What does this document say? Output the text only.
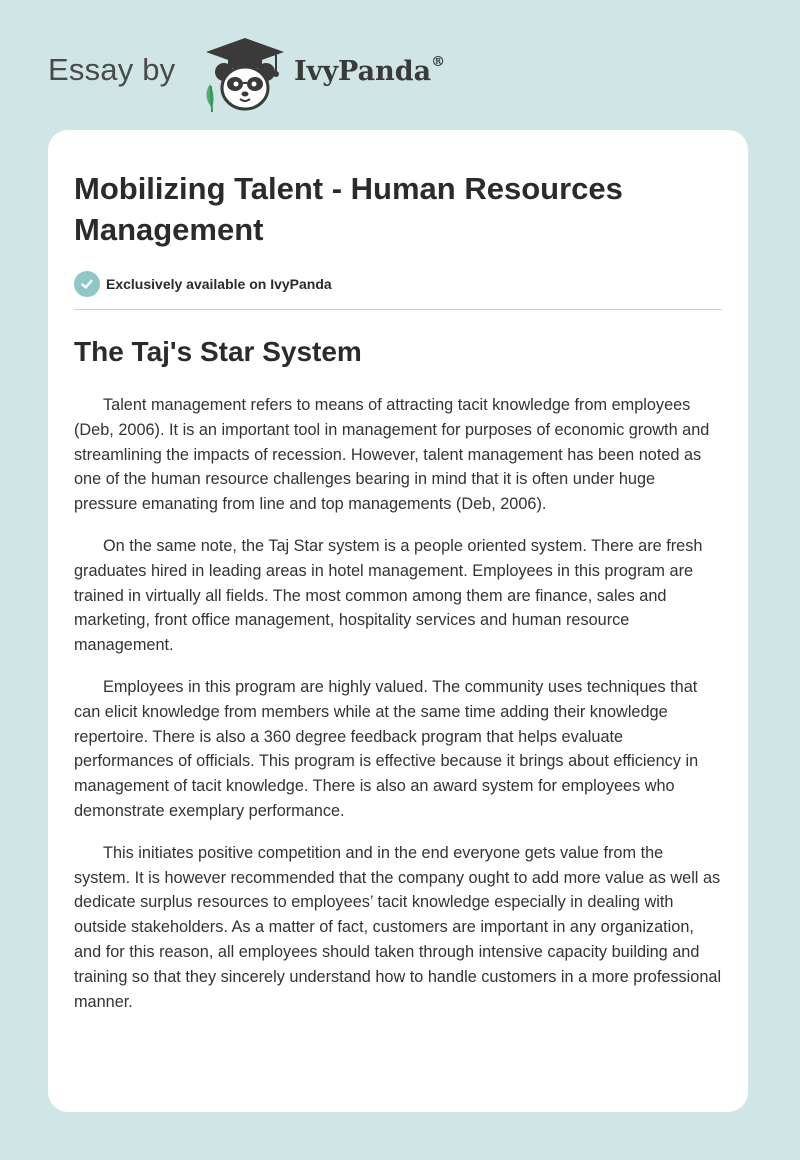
Essay by	IvyPanda®
Mobilizing Talent - Human Resources Management
Exclusively available on IvyPanda
The Taj's Star System

Talent management refers to means of attracting tacit knowledge from employees (Deb, 2006). It is an important tool in management for purposes of economic growth and streamlining the impacts of recession. However, talent management has been noted as one of the human resource challenges bearing in mind that it is often under huge pressure emanating from line and top managements (Deb, 2006).

On the same note, the Taj Star system is a people oriented system. There are fresh graduates hired in leading areas in hotel management. Employees in this program are trained in virtually all fields. The most common among them are finance, sales and marketing, front office management, hospitality services and human resource management.

Employees in this program are highly valued. The community uses techniques that can elicit knowledge from members while at the same time adding their knowledge repertoire. There is also a 360 degree feedback program that helps evaluate performances of officials. This program is effective because it brings about efficiency in management of tacit knowledge. There is also an award system for employees who demonstrate exemplary performance.

This initiates positive competition and in the end everyone gets value from the system. It is however recommended that the company ought to add more value as well as dedicate surplus resources to employees’ tacit knowledge especially in dealing with outside stakeholders. As a matter of fact, customers are important in any organization, and for this reason, all employees should taken through intensive capacity building and training so that they sincerely understand how to handle customers in a more professional manner.
